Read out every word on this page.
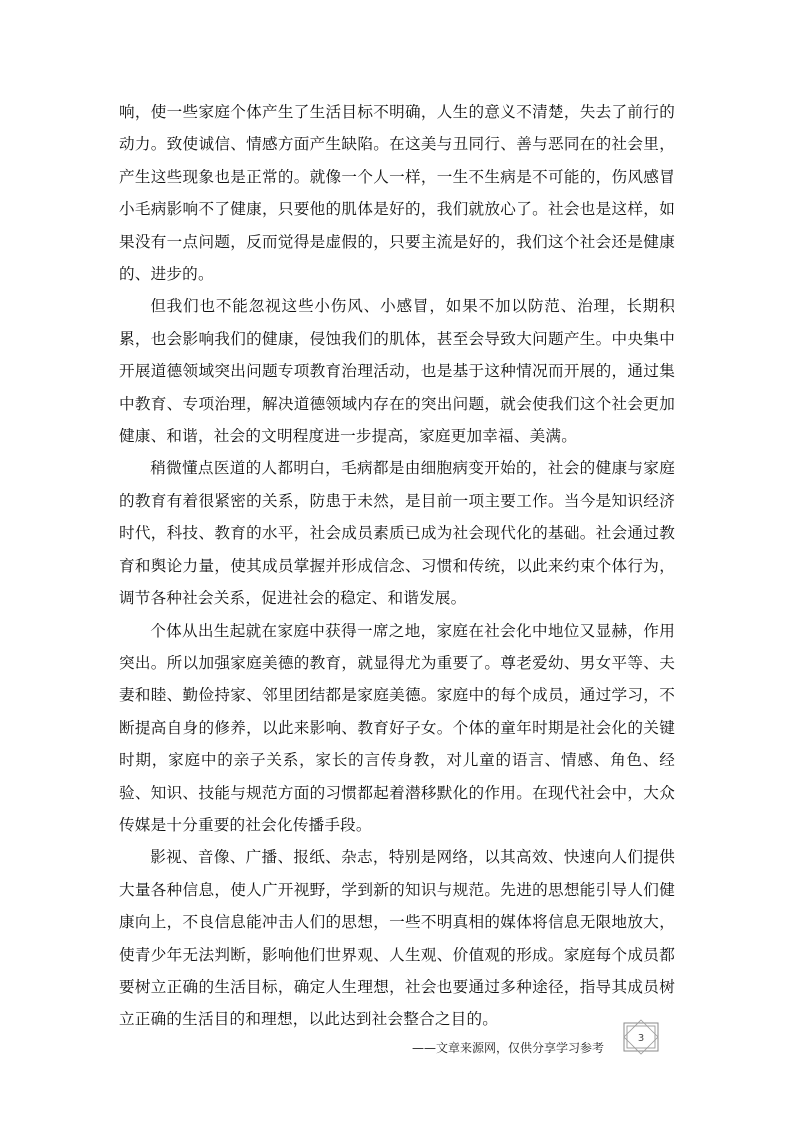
响，使一些家庭个体产生了生活目标不明确，人生的意义不清楚，失去了前行的动力。致使诚信、情感方面产生缺陷。在这美与丑同行、善与恶同在的社会里，产生这些现象也是正常的。就像一个人一样，一生不生病是不可能的，伤风感冒小毛病影响不了健康，只要他的肌体是好的，我们就放心了。社会也是这样，如果没有一点问题，反而觉得是虚假的，只要主流是好的，我们这个社会还是健康的、进步的。

但我们也不能忽视这些小伤风、小感冒，如果不加以防范、治理，长期积累，也会影响我们的健康，侵蚀我们的肌体，甚至会导致大问题产生。中央集中开展道德领域突出问题专项教育治理活动，也是基于这种情况而开展的，通过集中教育、专项治理，解决道德领域内存在的突出问题，就会使我们这个社会更加健康、和谐，社会的文明程度进一步提高，家庭更加幸福、美满。

稍微懂点医道的人都明白，毛病都是由细胞病变开始的，社会的健康与家庭的教育有着很紧密的关系，防患于未然，是目前一项主要工作。当今是知识经济时代，科技、教育的水平，社会成员素质已成为社会现代化的基础。社会通过教育和舆论力量，使其成员掌握并形成信念、习惯和传统，以此来约束个体行为，调节各种社会关系，促进社会的稳定、和谐发展。

个体从出生起就在家庭中获得一席之地，家庭在社会化中地位又显赫，作用突出。所以加强家庭美德的教育，就显得尤为重要了。尊老爱幼、男女平等、夫妻和睦、勤俭持家、邻里团结都是家庭美德。家庭中的每个成员，通过学习，不断提高自身的修养，以此来影响、教育好子女。个体的童年时期是社会化的关键时期，家庭中的亲子关系，家长的言传身教，对儿童的语言、情感、角色、经验、知识、技能与规范方面的习惯都起着潜移默化的作用。在现代社会中，大众传媒是十分重要的社会化传播手段。

影视、音像、广播、报纸、杂志，特别是网络，以其高效、快速向人们提供大量各种信息，使人广开视野，学到新的知识与规范。先进的思想能引导人们健康向上，不良信息能冲击人们的思想，一些不明真相的媒体将信息无限地放大，使青少年无法判断，影响他们世界观、人生观、价值观的形成。家庭每个成员都要树立正确的生活目标，确定人生理想，社会也要通过多种途径，指导其成员树立正确的生活目的和理想，以此达到社会整合之目的。

——文章来源网，仅供分享学习参考
3
